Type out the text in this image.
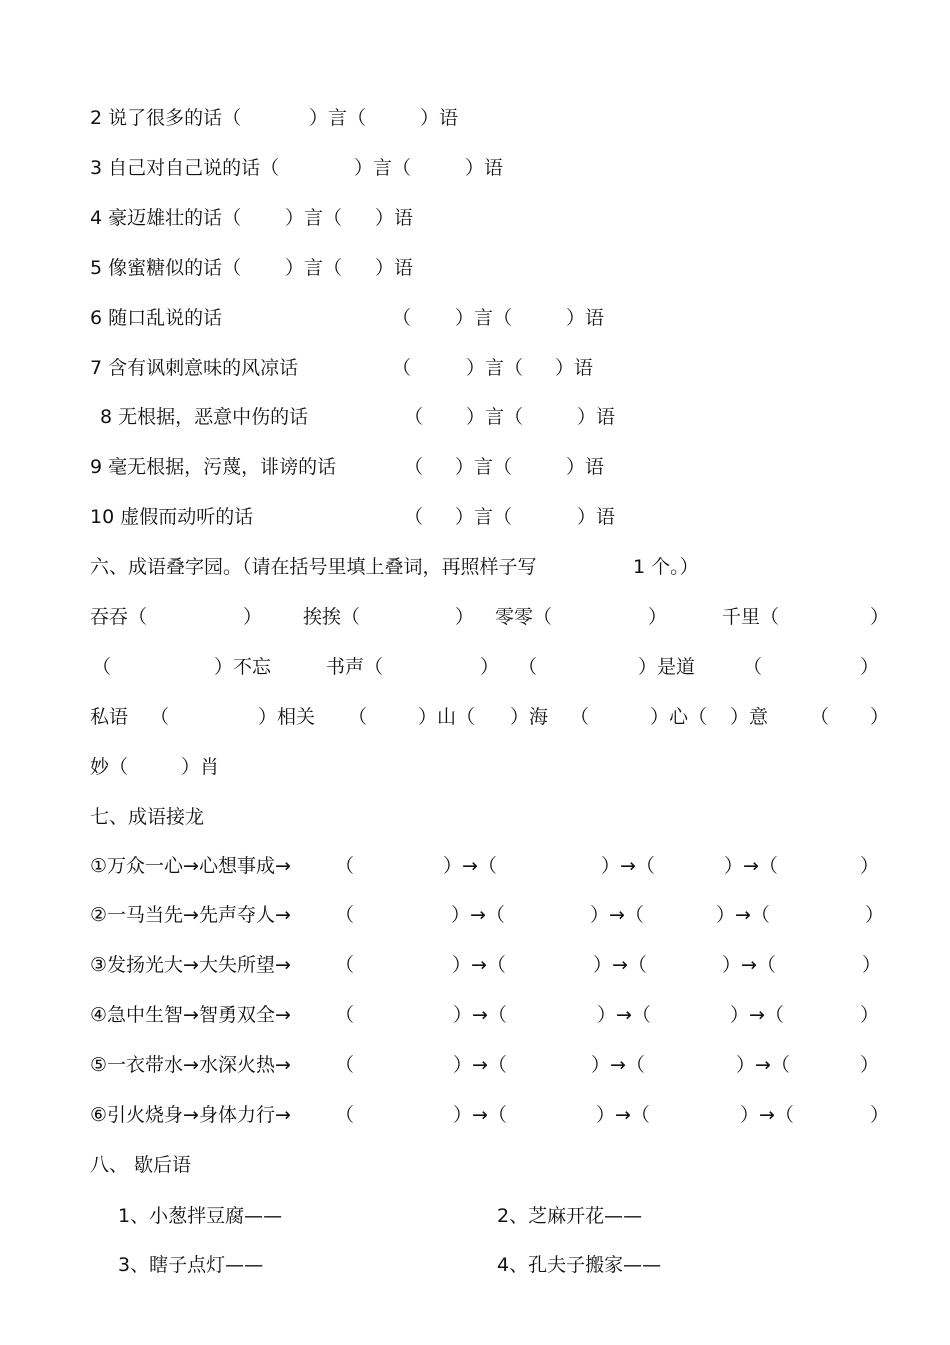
2 说了很多的话（	）言（	）语
3 自己对自己说的话（	）言（	）语
4 豪迈雄壮的话（ ）言（ ）语
5 像蜜糖似的话（ ）言（ ）语
6 随口乱说的话	（ ）言（	）语
7 含有讽刺意味的风凉话	（	）言（ ）语
8 无根据，恶意中伤的话	（ ）言（	）语
9 毫无根据，污蔑，诽谤的话	（ ）言（	）语
10 虚假而动听的话	（ ）言（	）语
六、成语叠字园。（请在括号里填上叠词，再照样子写	1 个。）
吞吞（	） 挨挨（	） 零零（	）	千里（	）
（	）不忘	书声（	） （	）是道	（	）
私语 （	）相关 （	）山（ ）海 （	）心（ ）意 （ ）
妙（	）肖
七、成语接龙
①万众一心→心想事成→ （	）→（	）→（	）→（	）
②一马当先→先声夺人→ （	）→（	）→（	）→（	）
③发扬光大→大失所望→ （	）→（	）→（	）→（	）
④急中生智→智勇双全→ （	）→（	）→（	）→（	）
⑤一衣带水→水深火热→ （	）→（	）→（	）→（	）
⑥引火烧身→身体力行→ （	）→（	）→（	）→（	）
八、 歇后语
1、小葱拌豆腐——	2、芝麻开花——
3、瞎子点灯——	4、孔夫子搬家——
